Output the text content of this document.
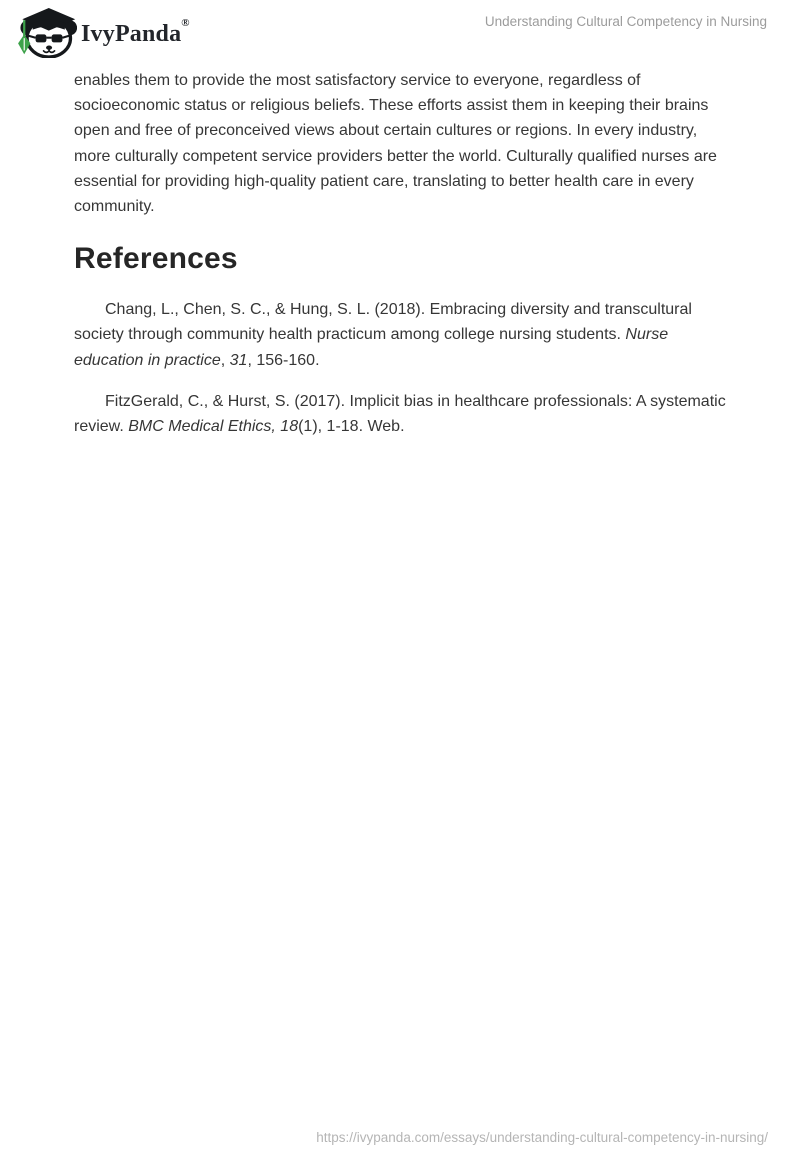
IvyPanda®	Understanding Cultural Competency in Nursing

enables them to provide the most satisfactory service to everyone, regardless of socioeconomic status or religious beliefs. These efforts assist them in keeping their brains open and free of preconceived views about certain cultures or regions. In every industry, more culturally competent service providers better the world. Culturally qualified nurses are essential for providing high-quality patient care, translating to better health care in every community.

References

Chang, L., Chen, S. C., & Hung, S. L. (2018). Embracing diversity and transcultural society through community health practicum among college nursing students. Nurse education in practice, 31, 156-160.

FitzGerald, C., & Hurst, S. (2017). Implicit bias in healthcare professionals: A systematic review. BMC Medical Ethics, 18(1), 1-18. Web.

https://ivypanda.com/essays/understanding-cultural-competency-in-nursing/
